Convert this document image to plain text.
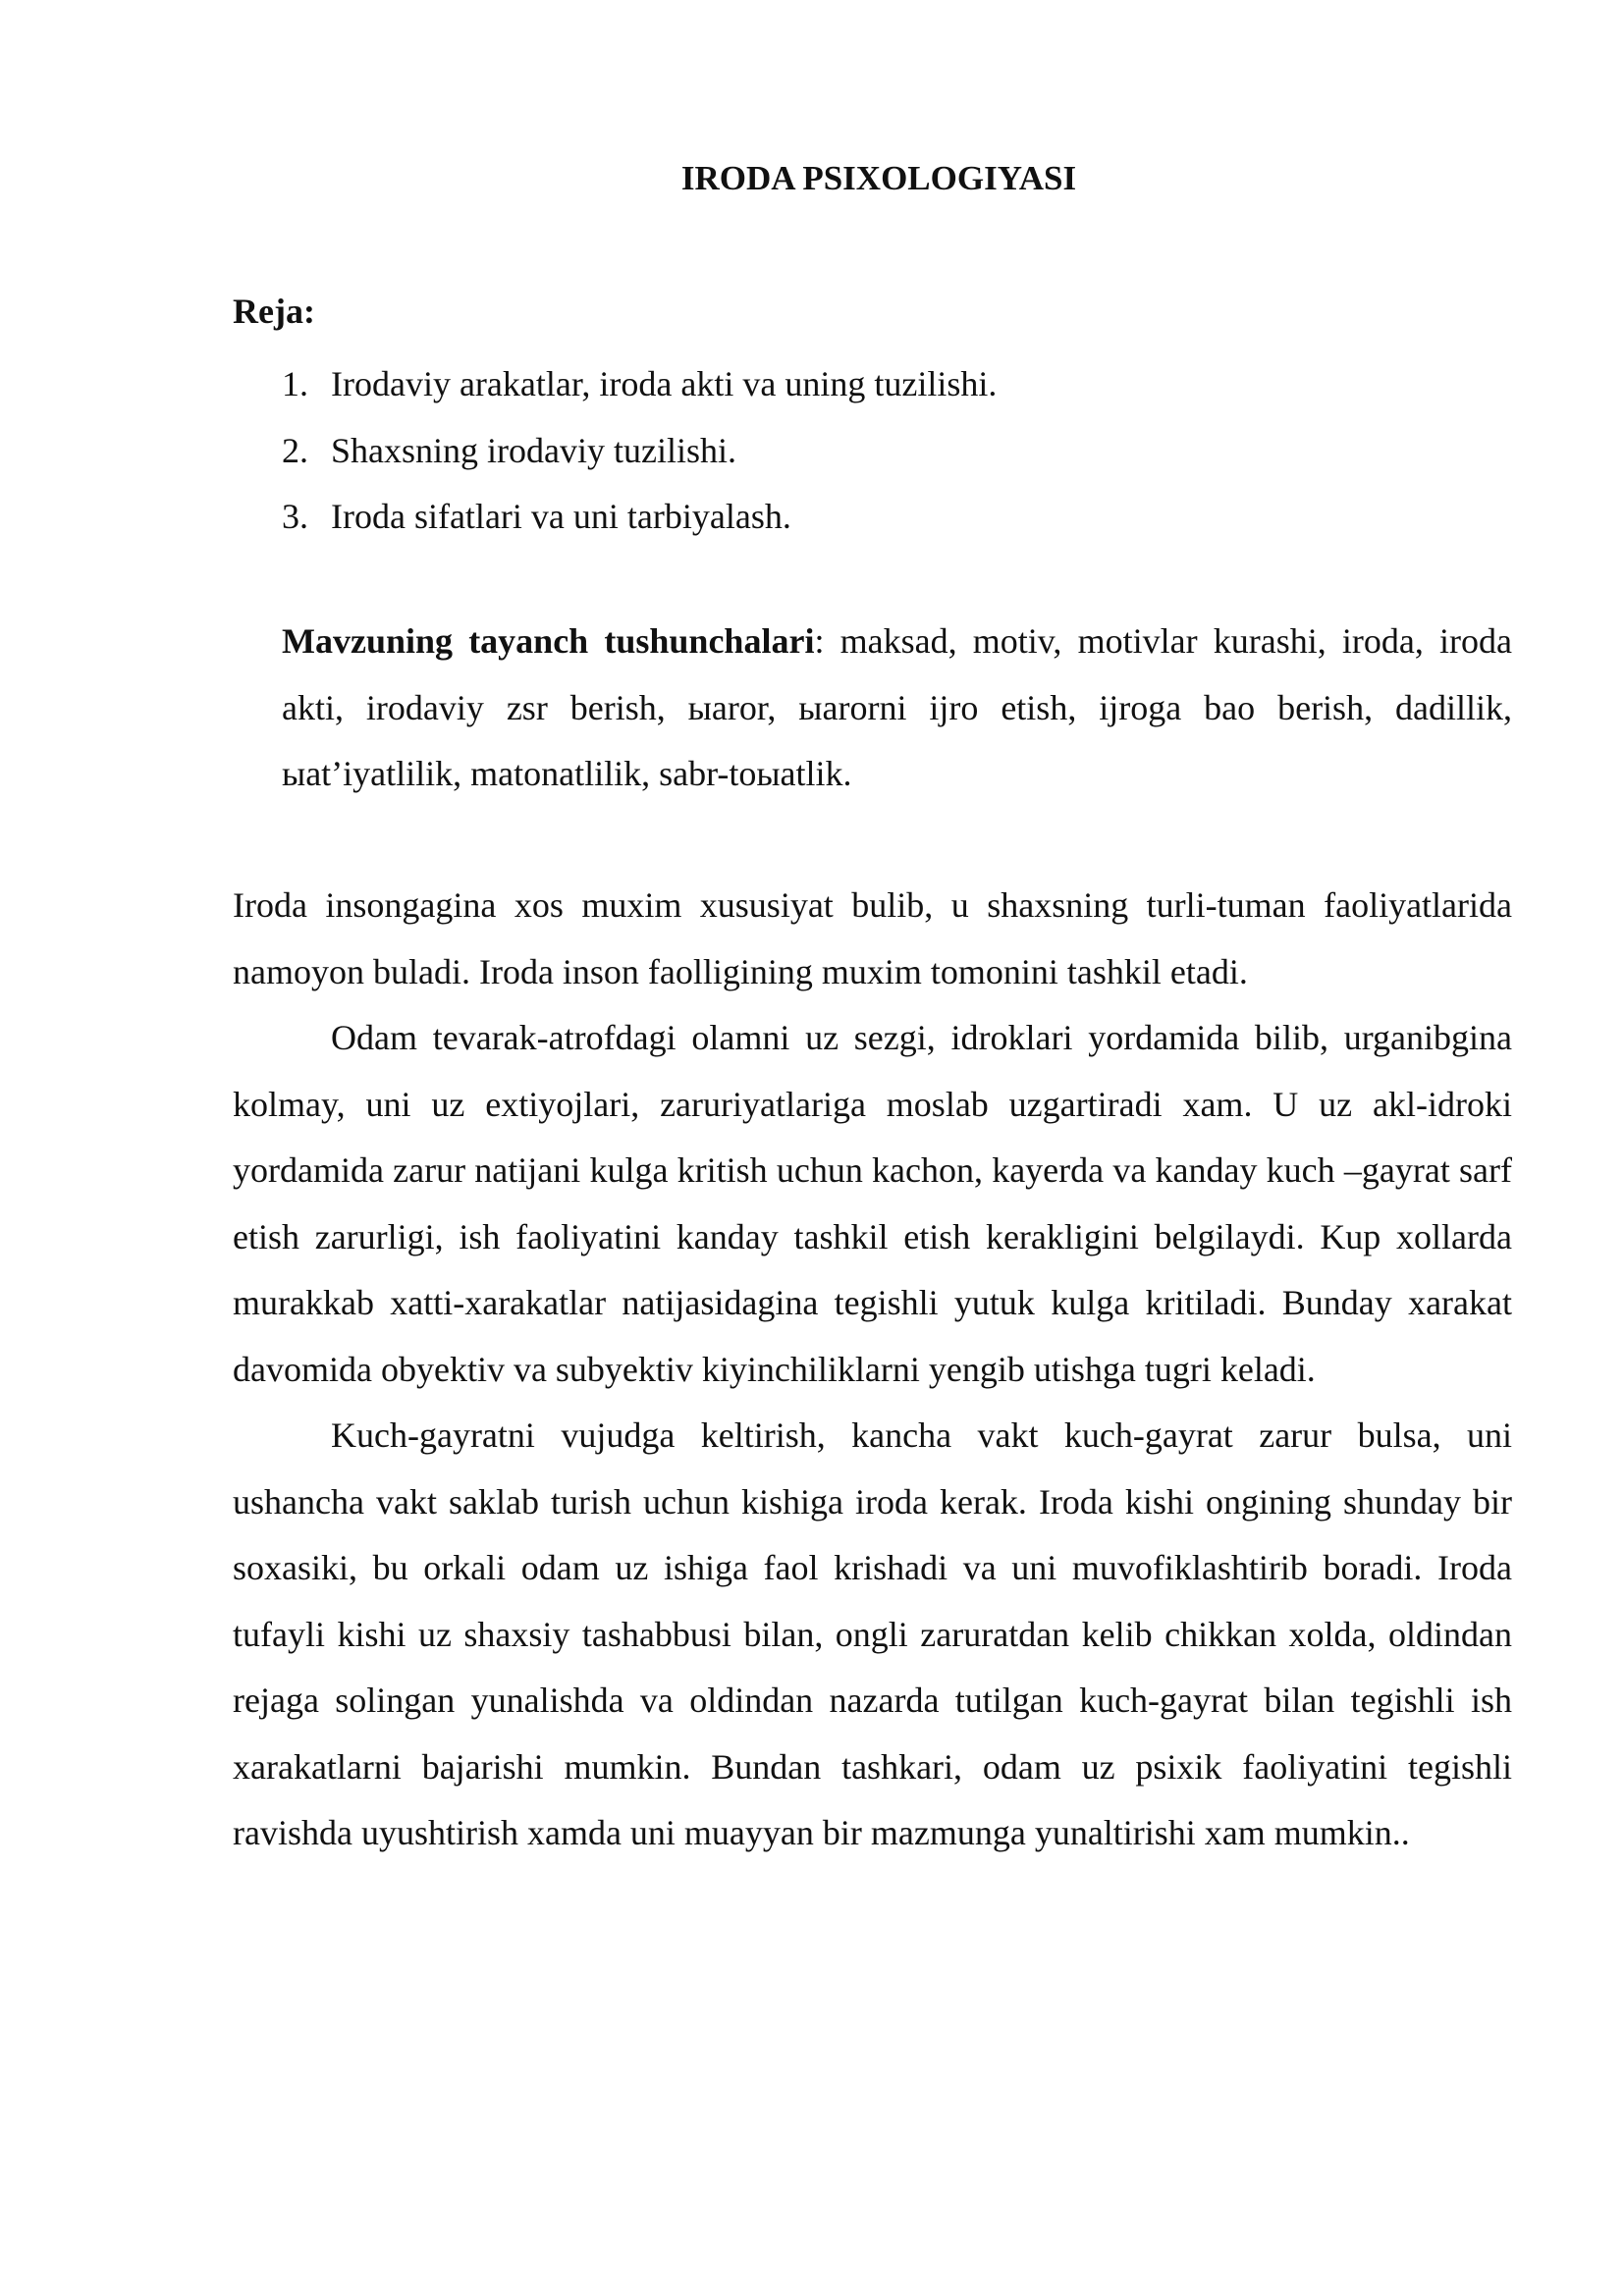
IRODA PSIXOLOGIYASI
Reja:
1. Irodaviy arakatlar, iroda akti va uning tuzilishi.
2. Shaxsning irodaviy tuzilishi.
3. Iroda sifatlari va uni tarbiyalash.

Mavzuning tayanch tushunchalari: maksad, motiv, motivlar kurashi, iroda, iroda akti, irodaviy zsr berish, ыaror, ыarorni ijro etish, ijroga bao berish, dadillik, ыat’iyatlilik, matonatlilik, sabr-toыatlik.

Iroda insongagina xos muxim xususiyat bulib, u shaxsning turli-tuman faoliyatlarida namoyon buladi. Iroda inson faolligining muxim tomonini tashkil etadi.

Odam tevarak-atrofdagi olamni uz sezgi, idroklari yordamida bilib, urganibgina kolmay, uni uz extiyojlari, zaruriyatlariga moslab uzgartiradi xam. U uz akl-idroki yordamida zarur natijani kulga kritish uchun kachon, kayerda va kanday kuch –gayrat sarf etish zarurligi, ish faoliyatini kanday tashkil etish kerakligini belgilaydi. Kup xollarda murakkab xatti-xarakatlar natijasidagina tegishli yutuk kulga kritiladi. Bunday xarakat davomida obyektiv va subyektiv kiyinchiliklarni yengib utishga tugri keladi.

Kuch-gayratni vujudga keltirish, kancha vakt kuch-gayrat zarur bulsa, uni ushancha vakt saklab turish uchun kishiga iroda kerak. Iroda kishi ongining shunday bir soxasiki, bu orkali odam uz ishiga faol krishadi va uni muvofiklashtirib boradi. Iroda tufayli kishi uz shaxsiy tashabbusi bilan, ongli zaruratdan kelib chikkan xolda, oldindan rejaga solingan yunalishda va oldindan nazarda tutilgan kuch-gayrat bilan tegishli ish xarakatlarni bajarishi mumkin. Bundan tashkari, odam uz psixik faoliyatini tegishli ravishda uyushtirish xamda uni muayyan bir mazmunga yunaltirishi xam mumkin..
